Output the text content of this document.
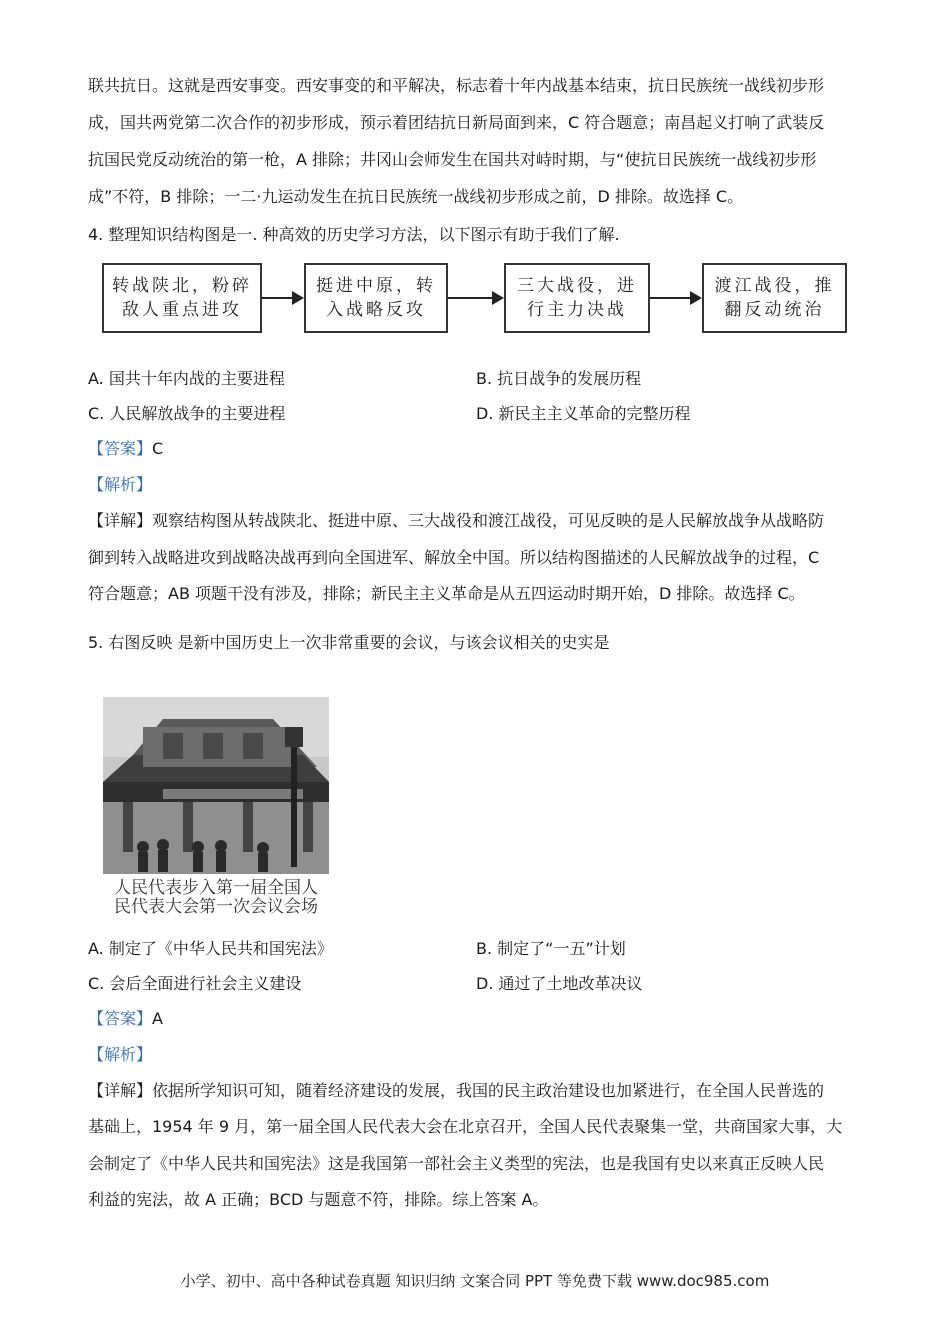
联共抗日。这就是西安事变。西安事变的和平解决，标志着十年内战基本结束，抗日民族统一战线初步形
成，国共两党第二次合作的初步形成，预示着团结抗日新局面到来，C 符合题意；南昌起义打响了武装反
抗国民党反动统治的第一枪，A 排除；井冈山会师发生在国共对峙时期，与“使抗日民族统一战线初步形
成”不符，B 排除；一二·九运动发生在抗日民族统一战线初步形成之前，D 排除。故选择 C。
4. 整理知识结构图是一. 种高效的历史学习方法，以下图示有助于我们了解.
转战陕北，粉碎
敌人重点进攻
挺进中原，转
入战略反攻
三大战役，进
行主力决战
渡江战役，推
翻反动统治
A. 国共十年内战的主要进程	B. 抗日战争的发展历程
C. 人民解放战争的主要进程	D. 新民主主义革命的完整历程
【答案】C
【解析】
【详解】观察结构图从转战陕北、挺进中原、三大战役和渡江战役，可见反映的是人民解放战争从战略防
御到转入战略进攻到战略决战再到向全国进军、解放全中国。所以结构图描述的人民解放战争的过程，C
符合题意；AB 项题干没有涉及，排除；新民主主义革命是从五四运动时期开始，D 排除。故选择 C。
5. 右图反映 是新中国历史上一次非常重要的会议，与该会议相关的史实是
人民代表步入第一届全国人
民代表大会第一次会议会场
A. 制定了《中华人民共和国宪法》	B. 制定了“一五”计划
C. 会后全面进行社会主义建设	D. 通过了土地改革决议
【答案】A
【解析】
【详解】依据所学知识可知，随着经济建设的发展，我国的民主政治建设也加紧进行，在全国人民普选的
基础上，1954 年 9 月，第一届全国人民代表大会在北京召开，全国人民代表聚集一堂，共商国家大事，大
会制定了《中华人民共和国宪法》这是我国第一部社会主义类型的宪法，也是我国有史以来真正反映人民
利益的宪法，故 A 正确；BCD 与题意不符，排除。综上答案 A。
小学、初中、高中各种试卷真题 知识归纳 文案合同 PPT 等免费下载 www.doc985.com
